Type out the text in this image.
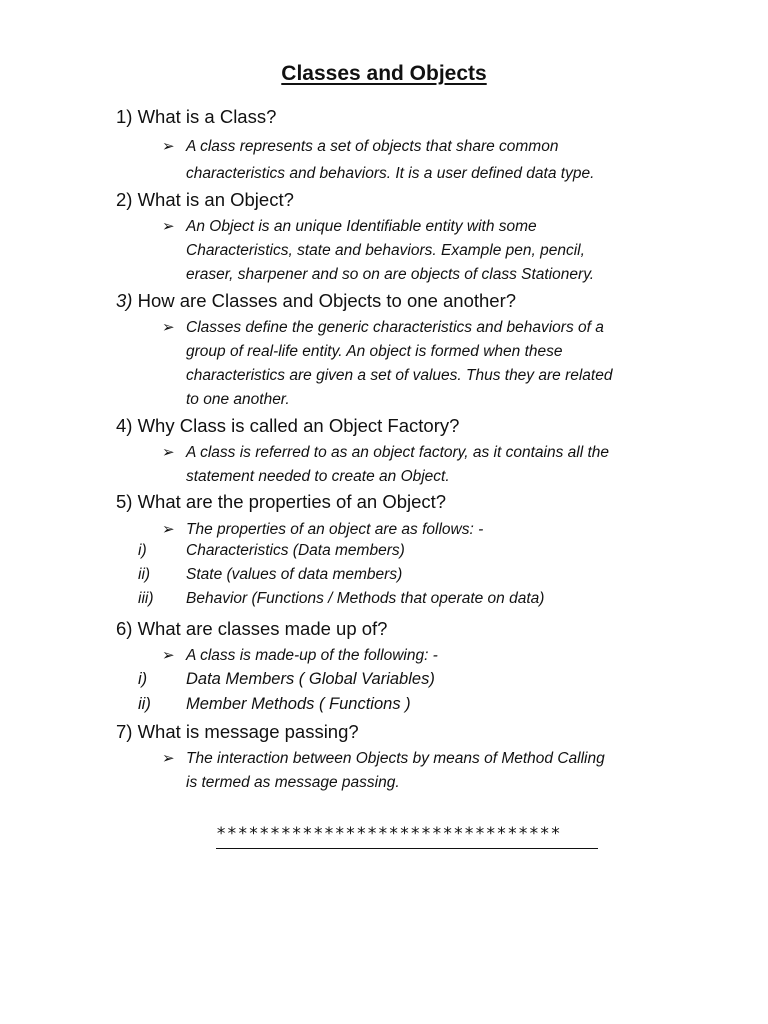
Classes and Objects
1) What is a Class?
➢ A class represents a set of objects that share common
characteristics and behaviors. It is a user defined data type.
2) What is an Object?
➢ An Object is an unique Identifiable entity with some
Characteristics, state and behaviors. Example pen, pencil,
eraser, sharpener and so on are objects of class Stationery.
3) How are Classes and Objects to one another?
➢ Classes define the generic characteristics and behaviors of a
group of real-life entity. An object is formed when these
characteristics are given a set of values. Thus they are related
to one another.
4) Why Class is called an Object Factory?
➢ A class is referred to as an object factory, as it contains all the
statement needed to create an Object.
5) What are the properties of an Object?
➢ The properties of an object are as follows: -
i)	Characteristics (Data members)
ii) State (values of data members)
iii) Behavior (Functions / Methods that operate on data)
6) What are classes made up of?
➢ A class is made-up of the following: -
i) Data Members ( Global Variables)
ii) Member Methods ( Functions )
7) What is message passing?
➢ The interaction between Objects by means of Method Calling
is termed as message passing.
********************************
